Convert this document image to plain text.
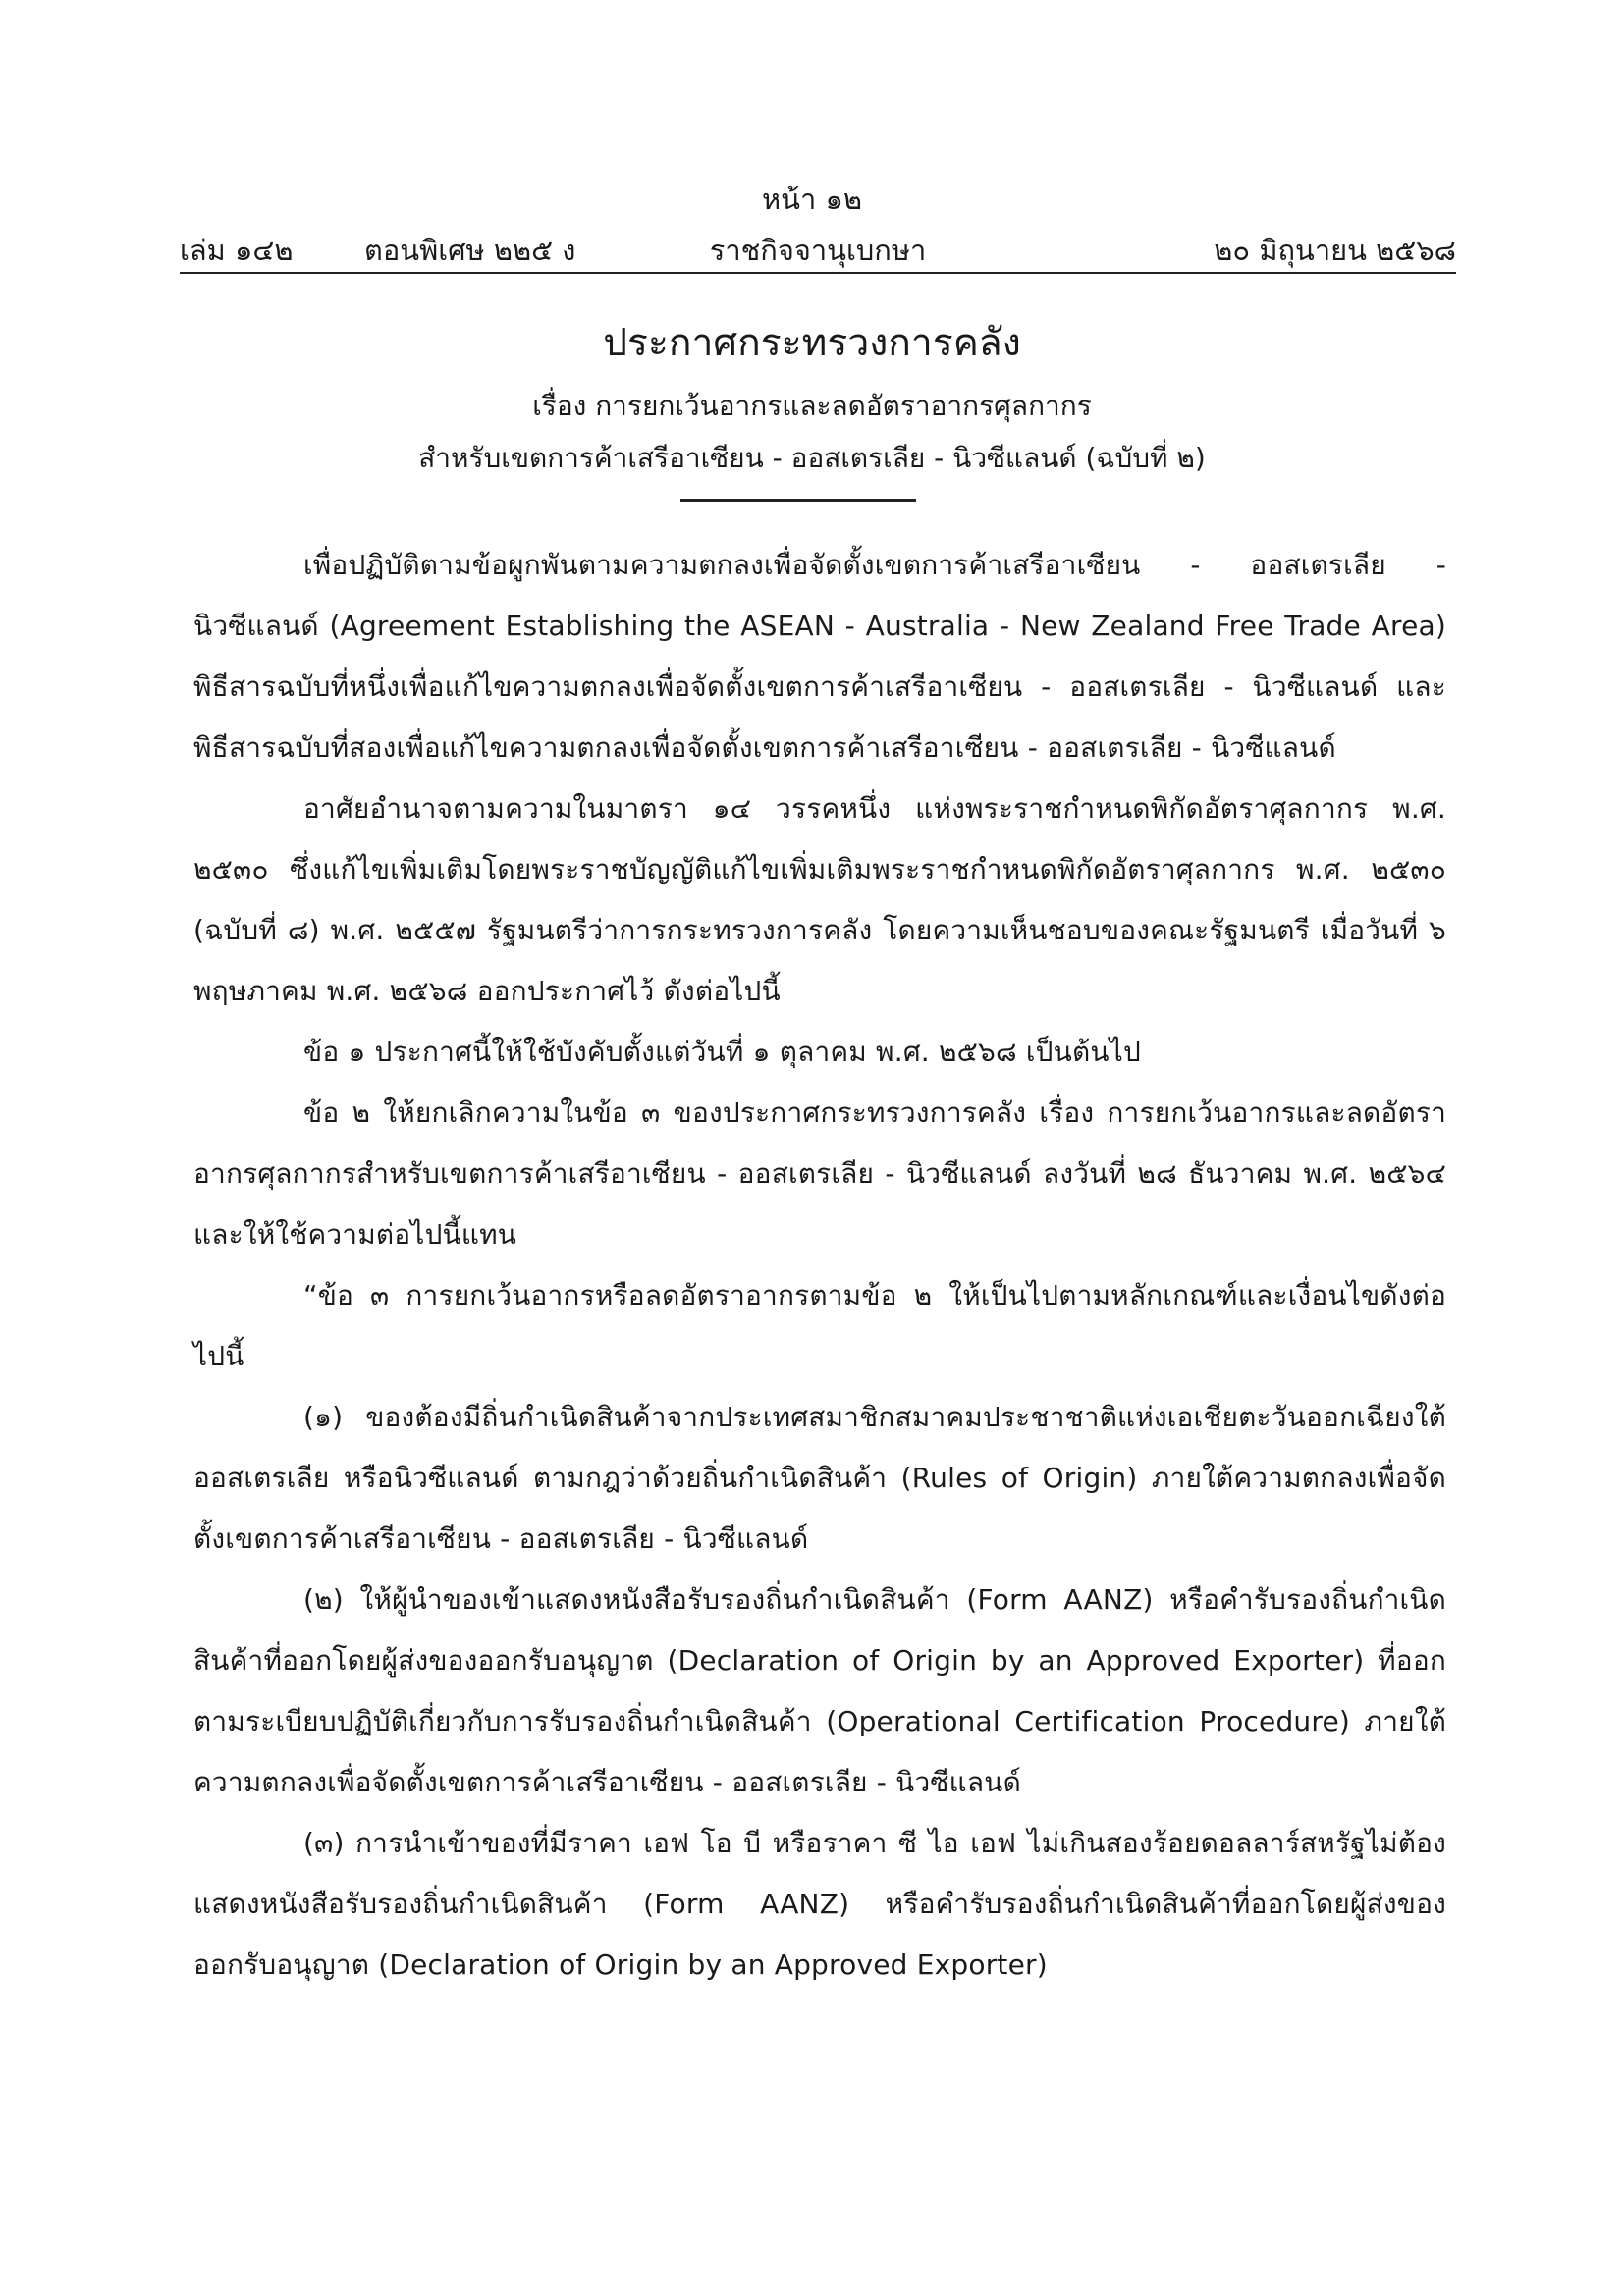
หน้า ๑๒
เล่ม ๑๔๒	ตอนพิเศษ ๒๒๕ ง	ราชกิจจานุเบกษา	๒๐ มิถุนายน ๒๕๖๘
ประกาศกระทรวงการคลัง
เรื่อง การยกเว้นอากรและลดอัตราอากรศุลกากร
สำหรับเขตการค้าเสรีอาเซียน - ออสเตรเลีย - นิวซีแลนด์ (ฉบับที่ ๒)

เพื่อปฏิบัติตามข้อผูกพันตามความตกลงเพื่อจัดตั้งเขตการค้าเสรีอาเซียน - ออสเตรเลีย - นิวซีแลนด์ (Agreement Establishing the ASEAN - Australia - New Zealand Free Trade Area) พิธีสารฉบับที่หนึ่งเพื่อแก้ไขความตกลงเพื่อจัดตั้งเขตการค้าเสรีอาเซียน - ออสเตรเลีย - นิวซีแลนด์ และพิธีสารฉบับที่สองเพื่อแก้ไขความตกลงเพื่อจัดตั้งเขตการค้าเสรีอาเซียน - ออสเตรเลีย - นิวซีแลนด์

อาศัยอำนาจตามความในมาตรา ๑๔ วรรคหนึ่ง แห่งพระราชกำหนดพิกัดอัตราศุลกากร พ.ศ. ๒๕๓๐ ซึ่งแก้ไขเพิ่มเติมโดยพระราชบัญญัติแก้ไขเพิ่มเติมพระราชกำหนดพิกัดอัตราศุลกากร พ.ศ. ๒๕๓๐ (ฉบับที่ ๘) พ.ศ. ๒๕๕๗ รัฐมนตรีว่าการกระทรวงการคลัง โดยความเห็นชอบของคณะรัฐมนตรี เมื่อวันที่ ๖ พฤษภาคม พ.ศ. ๒๕๖๘ ออกประกาศไว้ ดังต่อไปนี้

ข้อ ๑ ประกาศนี้ให้ใช้บังคับตั้งแต่วันที่ ๑ ตุลาคม พ.ศ. ๒๕๖๘ เป็นต้นไป

ข้อ ๒ ให้ยกเลิกความในข้อ ๓ ของประกาศกระทรวงการคลัง เรื่อง การยกเว้นอากรและลดอัตราอากรศุลกากรสำหรับเขตการค้าเสรีอาเซียน - ออสเตรเลีย - นิวซีแลนด์ ลงวันที่ ๒๘ ธันวาคม พ.ศ. ๒๕๖๔ และให้ใช้ความต่อไปนี้แทน

“ข้อ ๓ การยกเว้นอากรหรือลดอัตราอากรตามข้อ ๒ ให้เป็นไปตามหลักเกณฑ์และเงื่อนไขดังต่อไปนี้

(๑) ของต้องมีถิ่นกำเนิดสินค้าจากประเทศสมาชิกสมาคมประชาชาติแห่งเอเชียตะวันออกเฉียงใต้ ออสเตรเลีย หรือนิวซีแลนด์ ตามกฎว่าด้วยถิ่นกำเนิดสินค้า (Rules of Origin) ภายใต้ความตกลงเพื่อจัดตั้งเขตการค้าเสรีอาเซียน - ออสเตรเลีย - นิวซีแลนด์

(๒) ให้ผู้นำของเข้าแสดงหนังสือรับรองถิ่นกำเนิดสินค้า (Form AANZ) หรือคำรับรองถิ่นกำเนิดสินค้าที่ออกโดยผู้ส่งของออกรับอนุญาต (Declaration of Origin by an Approved Exporter) ที่ออกตามระเบียบปฏิบัติเกี่ยวกับการรับรองถิ่นกำเนิดสินค้า (Operational Certification Procedure) ภายใต้ความตกลงเพื่อจัดตั้งเขตการค้าเสรีอาเซียน - ออสเตรเลีย - นิวซีแลนด์

(๓) การนำเข้าของที่มีราคา เอฟ โอ บี หรือราคา ซี ไอ เอฟ ไม่เกินสองร้อยดอลลาร์สหรัฐไม่ต้องแสดงหนังสือรับรองถิ่นกำเนิดสินค้า (Form AANZ) หรือคำรับรองถิ่นกำเนิดสินค้าที่ออกโดยผู้ส่งของออกรับอนุญาต (Declaration of Origin by an Approved Exporter)
